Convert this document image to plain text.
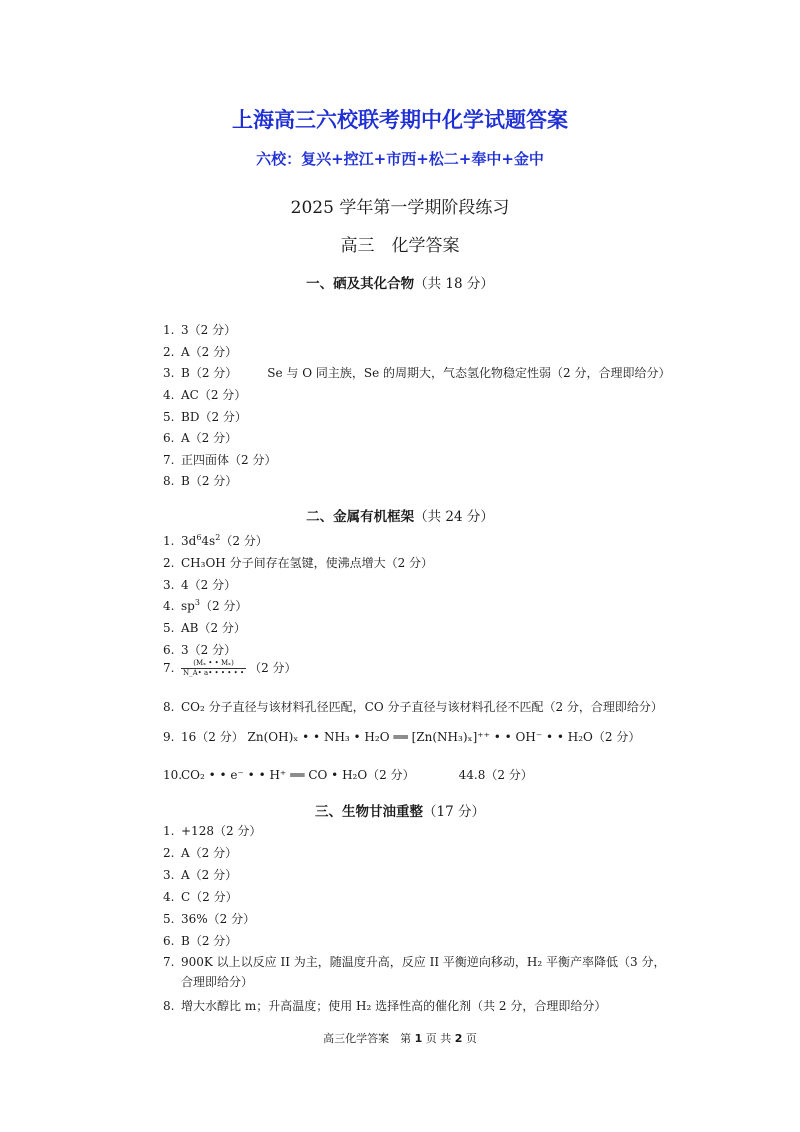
上海高三六校联考期中化学试题答案
六校：复兴+控江+市西+松二+奉中+金中
2025 学年第一学期阶段练习
高三　化学答案
一、硒及其化合物（共 18 分）
1. 3（2 分）
2. A（2 分）
3. B（2 分）	Se 与 O 同主族，Se 的周期大，气态氢化物稳定性弱（2 分，合理即给分）
4. AC（2 分）
5. BD（2 分）
6. A（2 分）
7. 正四面体（2 分）
8. B（2 分）
二、金属有机框架（共 24 分）
1. $3d^64s^2(2$ 分）
2. CH₃OH 分子间存在氢键，使沸点增大（2 分）
3. 4（2 分）
4. $sp^3(2$ 分）
5. AB（2 分）
6. 3（2 分）
7. $\frac{\text{(Mₓ • • Mₓ)}}{N\_A• a• • • • • •} (2$ 分）
8. CO₂ 分子直径与该材料孔径匹配，CO 分子直径与该材料孔径不匹配（2 分，合理即给分）
9. 16（2 分） Zn(OH)ₓ • • NH₃ • H₂O ══ [Zn(NH₃)ₓ]⁺⁺ • • OH⁻ • • H₂O（2 分）
10.CO₂ • • e⁻ • • H⁺ ══ CO • H₂O（2 分）	44.8（2 分）
三、生物甘油重整（17 分）
1. +128（2 分）
2. A（2 分）
3. A（2 分）
4. C（2 分）
5. 36%（2 分）
6. B（2 分）
7. 900K 以上以反应 II 为主，随温度升高，反应 II 平衡逆向移动，H₂ 平衡产率降低（3 分，
合理即给分）
8. 增大水醇比 m；升高温度；使用 H₂ 选择性高的催化剂（共 2 分，合理即给分）
高三化学答案　第 1 页 共 2 页
